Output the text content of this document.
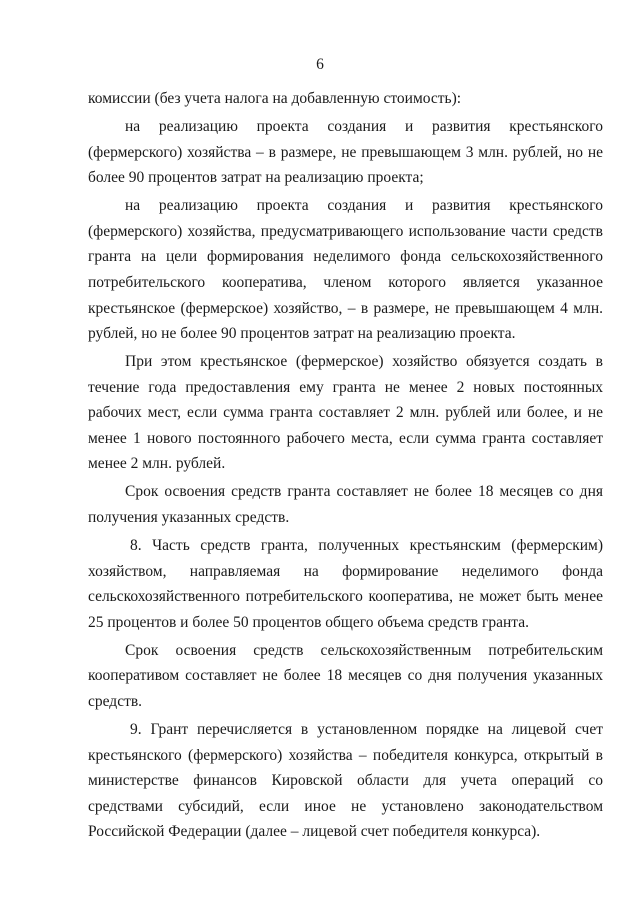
6

комиссии (без учета налога на добавленную стоимость):

на реализацию проекта создания и развития крестьянского (фермерского) хозяйства – в размере, не превышающем 3 млн. рублей, но не более 90 процентов затрат на реализацию проекта;

на реализацию проекта создания и развития крестьянского (фермерского) хозяйства, предусматривающего использование части средств гранта на цели формирования неделимого фонда сельскохозяйственного потребительского кооператива, членом которого является указанное крестьянское (фермерское) хозяйство, – в размере, не превышающем 4 млн. рублей, но не более 90 процентов затрат на реализацию проекта.

При этом крестьянское (фермерское) хозяйство обязуется создать в течение года предоставления ему гранта не менее 2 новых постоянных рабочих мест, если сумма гранта составляет 2 млн. рублей или более, и не менее 1 нового постоянного рабочего места, если сумма гранта составляет менее 2 млн. рублей.

Срок освоения средств гранта составляет не более 18 месяцев со дня получения указанных средств.

8. Часть средств гранта, полученных крестьянским (фермерским) хозяйством, направляемая на формирование неделимого фонда сельскохозяйственного потребительского кооператива, не может быть менее 25 процентов и более 50 процентов общего объема средств гранта.

Срок освоения средств сельскохозяйственным потребительским кооперативом составляет не более 18 месяцев со дня получения указанных средств.

9. Грант перечисляется в установленном порядке на лицевой счет крестьянского (фермерского) хозяйства – победителя конкурса, открытый в министерстве финансов Кировской области для учета операций со средствами субсидий, если иное не установлено законодательством Российской Федерации (далее – лицевой счет победителя конкурса).
